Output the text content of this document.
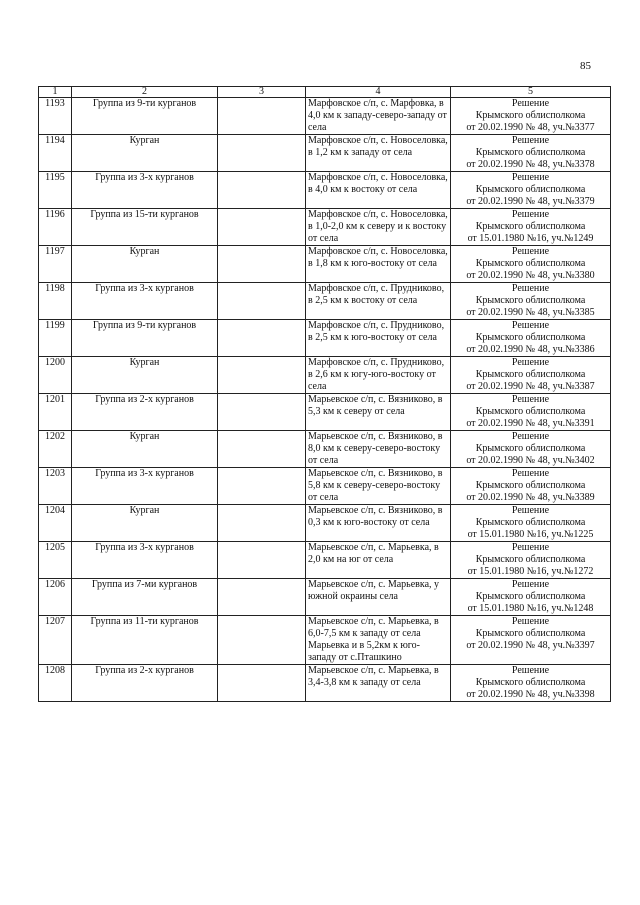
85
1	2	3	4	5
1193	Группа из 9-ти курганов		Марфовское с/п, с. Марфовка, в 4,0 км к западу-северо-западу от села	Решение
Крымского облисполкома
от 20.02.1990 № 48, уч.№3377

1194	Курган		Марфовское с/п, с. Новоселовка, в 1,2 км к западу от села	Решение
Крымского облисполкома
от 20.02.1990 № 48, уч.№3378

1195	Группа из 3-х курганов		Марфовское с/п, с. Новоселовка, в 4,0 км к востоку от села	Решение
Крымского облисполкома
от 20.02.1990 № 48, уч.№3379

1196	Группа из 15-ти курганов		Марфовское с/п, с. Новоселовка, в 1,0-2,0 км к северу и к востоку от села	Решение
Крымского облисполкома
от 15.01.1980 №16, уч.№1249

1197	Курган		Марфовское с/п, с. Новоселовка, в 1,8 км к юго-востоку от села	Решение
Крымского облисполкома
от 20.02.1990 № 48, уч.№3380

1198	Группа из 3-х курганов		Марфовское с/п, с. Прудниково, в 2,5 км к востоку от села	Решение
Крымского облисполкома
от 20.02.1990 № 48, уч.№3385

1199	Группа из 9-ти курганов		Марфовское с/п, с. Прудниково, в 2,5 км к юго-востоку от села	Решение
Крымского облисполкома
от 20.02.1990 № 48, уч.№3386

1200	Курган		Марфовское с/п, с. Прудниково, в 2,6 км к югу-юго-востоку от села	Решение
Крымского облисполкома
от 20.02.1990 № 48, уч.№3387

1201	Группа из 2-х курганов		Марьевское с/п, с. Вязниково, в 5,3 км к северу от села	Решение
Крымского облисполкома
от 20.02.1990 № 48, уч.№3391

1202	Курган		Марьевское с/п, с. Вязниково, в 8,0 км к северу-северо-востоку от села	Решение
Крымского облисполкома
от 20.02.1990 № 48, уч.№3402

1203	Группа из 3-х курганов		Марьевское с/п, с. Вязниково, в 5,8 км к северу-северо-востоку от села	Решение
Крымского облисполкома
от 20.02.1990 № 48, уч.№3389

1204	Курган		Марьевское с/п, с. Вязниково, в 0,3 км к юго-востоку от села	Решение
Крымского облисполкома
от 15.01.1980 №16, уч.№1225

1205	Группа из 3-х курганов		Марьевское с/п, с. Марьевка, в 2,0 км на юг от села	Решение
Крымского облисполкома
от 15.01.1980 №16, уч.№1272

1206	Группа из 7-ми курганов		Марьевское с/п, с. Марьевка, у южной окраины села	Решение
Крымского облисполкома
от 15.01.1980 №16, уч.№1248

1207	Группа из 11-ти курганов		Марьевское с/п, с. Марьевка, в 6,0-7,5 км к западу от села Марьевка и в 5,2км к юго-западу от с.Пташкино	Решение
Крымского облисполкома
от 20.02.1990 № 48, уч.№3397

1208	Группа из 2-х курганов		Марьевское с/п, с. Марьевка, в 3,4-3,8 км к западу от села	Решение
Крымского облисполкома
от 20.02.1990 № 48, уч.№3398
